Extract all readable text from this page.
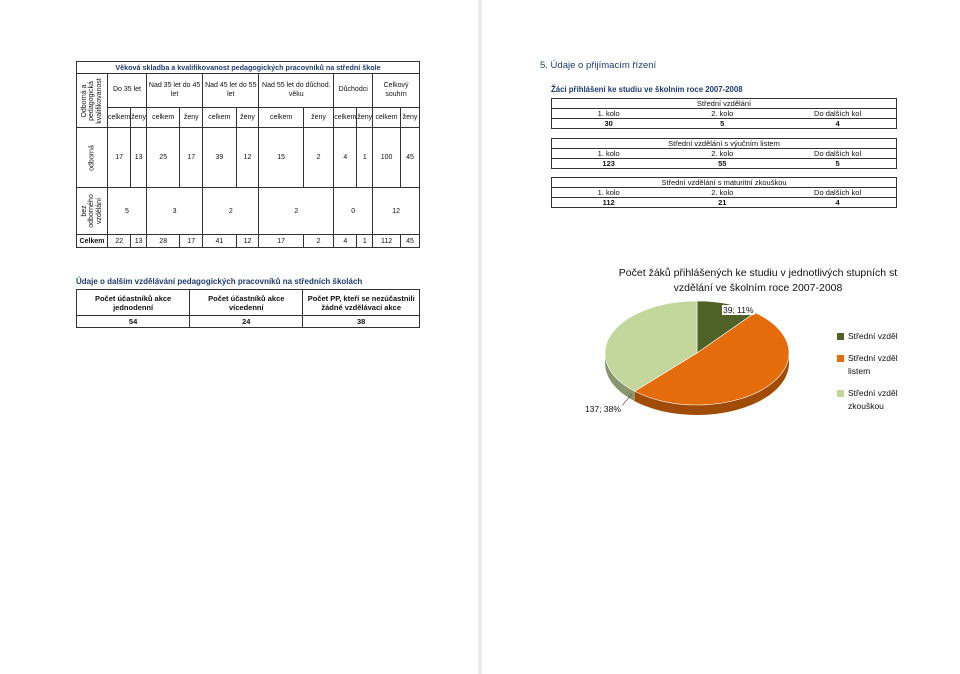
Věková skladba a kvalifikovanost pedagogických pracovníků na střední škole												

Odborná a pedagogická kvalifikovanost	Do 35 let		Nad 35 let do 45 let		Nad 45 let do 55 let		Nad 55 let do důchod. věku		Důchodci		Celkový souhrn	
	celkem	ženy	celkem	ženy	celkem	ženy	celkem	ženy	celkem	ženy	celkem	ženy

odborná	17	13	25	17	39	12	15	2	4	1	100	45

bez odborného vzdělání	5		3		2		2		0		12	
Celkem	22	13	28	17	41	12	17	2	4	1	112	45
Údaje o dalším vzdělávání pedagogických pracovníků na středních školách
Počet účastníků akce jednodenní	Počet účastníků akce vícedenní	Počet PP, kteří se nezúčastnili žádné vzdělávací akce
54	24	38
5. Údaje o přijímacím řízení
Žáci přihlášení ke studiu ve školním roce 2007-2008
Střední vzdělání		
1. kolo	2. kolo	Do dalších kol
30	5	4
Střední vzdělání s výučním listem		
1. kolo	2. kolo	Do dalších kol
123	55	5
Střední vzdělání s maturitní zkouškou		
1. kolo	2. kolo	Do dalších kol
112	21	4
Počet žáků přihlášených ke studiu v jednotlivých stupních st vzdělání ve školním roce 2007-2008
39; 11%
137; 38%
Střední vzděl
Střední vzděl listem
Střední vzděl zkouškou
